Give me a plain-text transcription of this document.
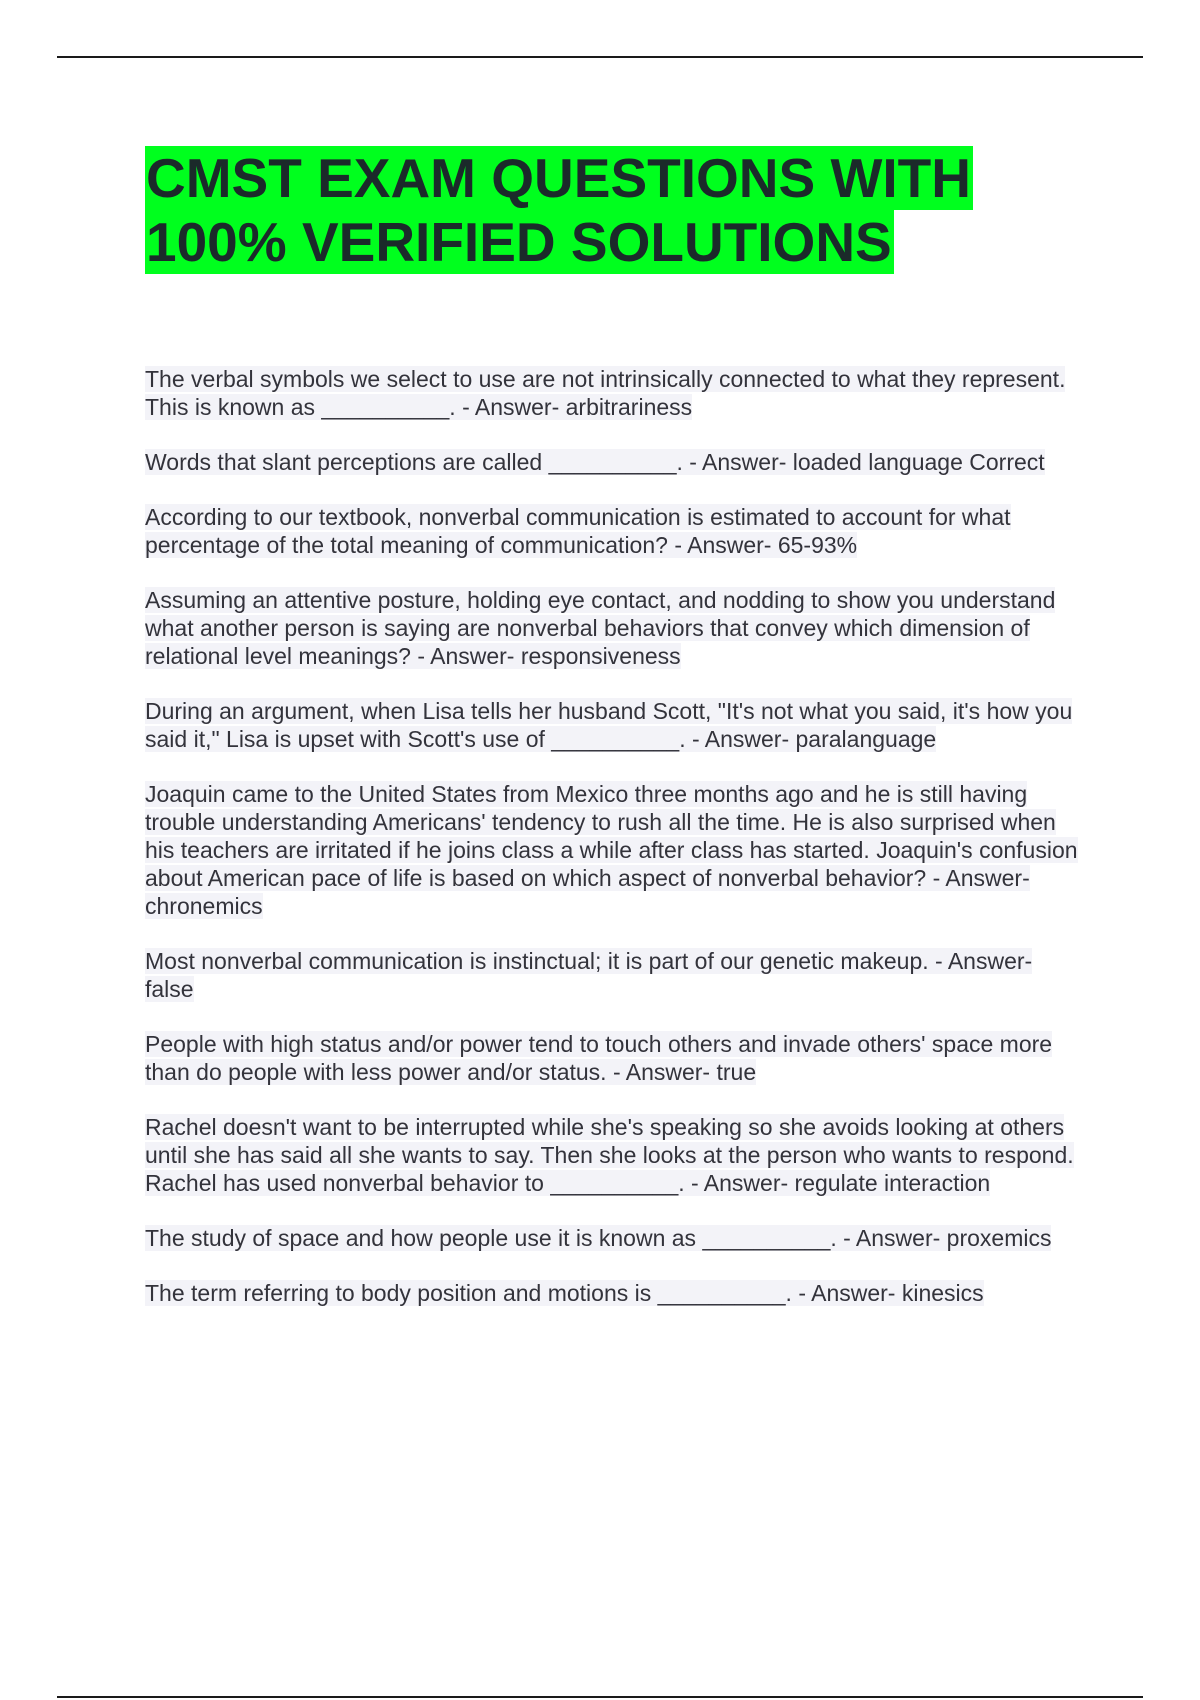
CMST EXAM QUESTIONS WITH
100% VERIFIED SOLUTIONS

The verbal symbols we select to use are not intrinsically connected to what they represent. This is known as __________. - Answer- arbitrariness

Words that slant perceptions are called __________. - Answer- loaded language Correct

According to our textbook, nonverbal communication is estimated to account for what percentage of the total meaning of communication? - Answer- 65-93%

Assuming an attentive posture, holding eye contact, and nodding to show you understand what another person is saying are nonverbal behaviors that convey which dimension of relational level meanings? - Answer- responsiveness

During an argument, when Lisa tells her husband Scott, "It's not what you said, it's how you said it," Lisa is upset with Scott's use of __________. - Answer- paralanguage

Joaquin came to the United States from Mexico three months ago and he is still having trouble understanding Americans' tendency to rush all the time. He is also surprised when his teachers are irritated if he joins class a while after class has started. Joaquin's confusion about American pace of life is based on which aspect of nonverbal behavior? - Answer- chronemics

Most nonverbal communication is instinctual; it is part of our genetic makeup. - Answer- false

People with high status and/or power tend to touch others and invade others' space more than do people with less power and/or status. - Answer- true

Rachel doesn't want to be interrupted while she's speaking so she avoids looking at others until she has said all she wants to say. Then she looks at the person who wants to respond. Rachel has used nonverbal behavior to __________. - Answer- regulate interaction

The study of space and how people use it is known as __________. - Answer- proxemics

The term referring to body position and motions is __________. - Answer- kinesics
